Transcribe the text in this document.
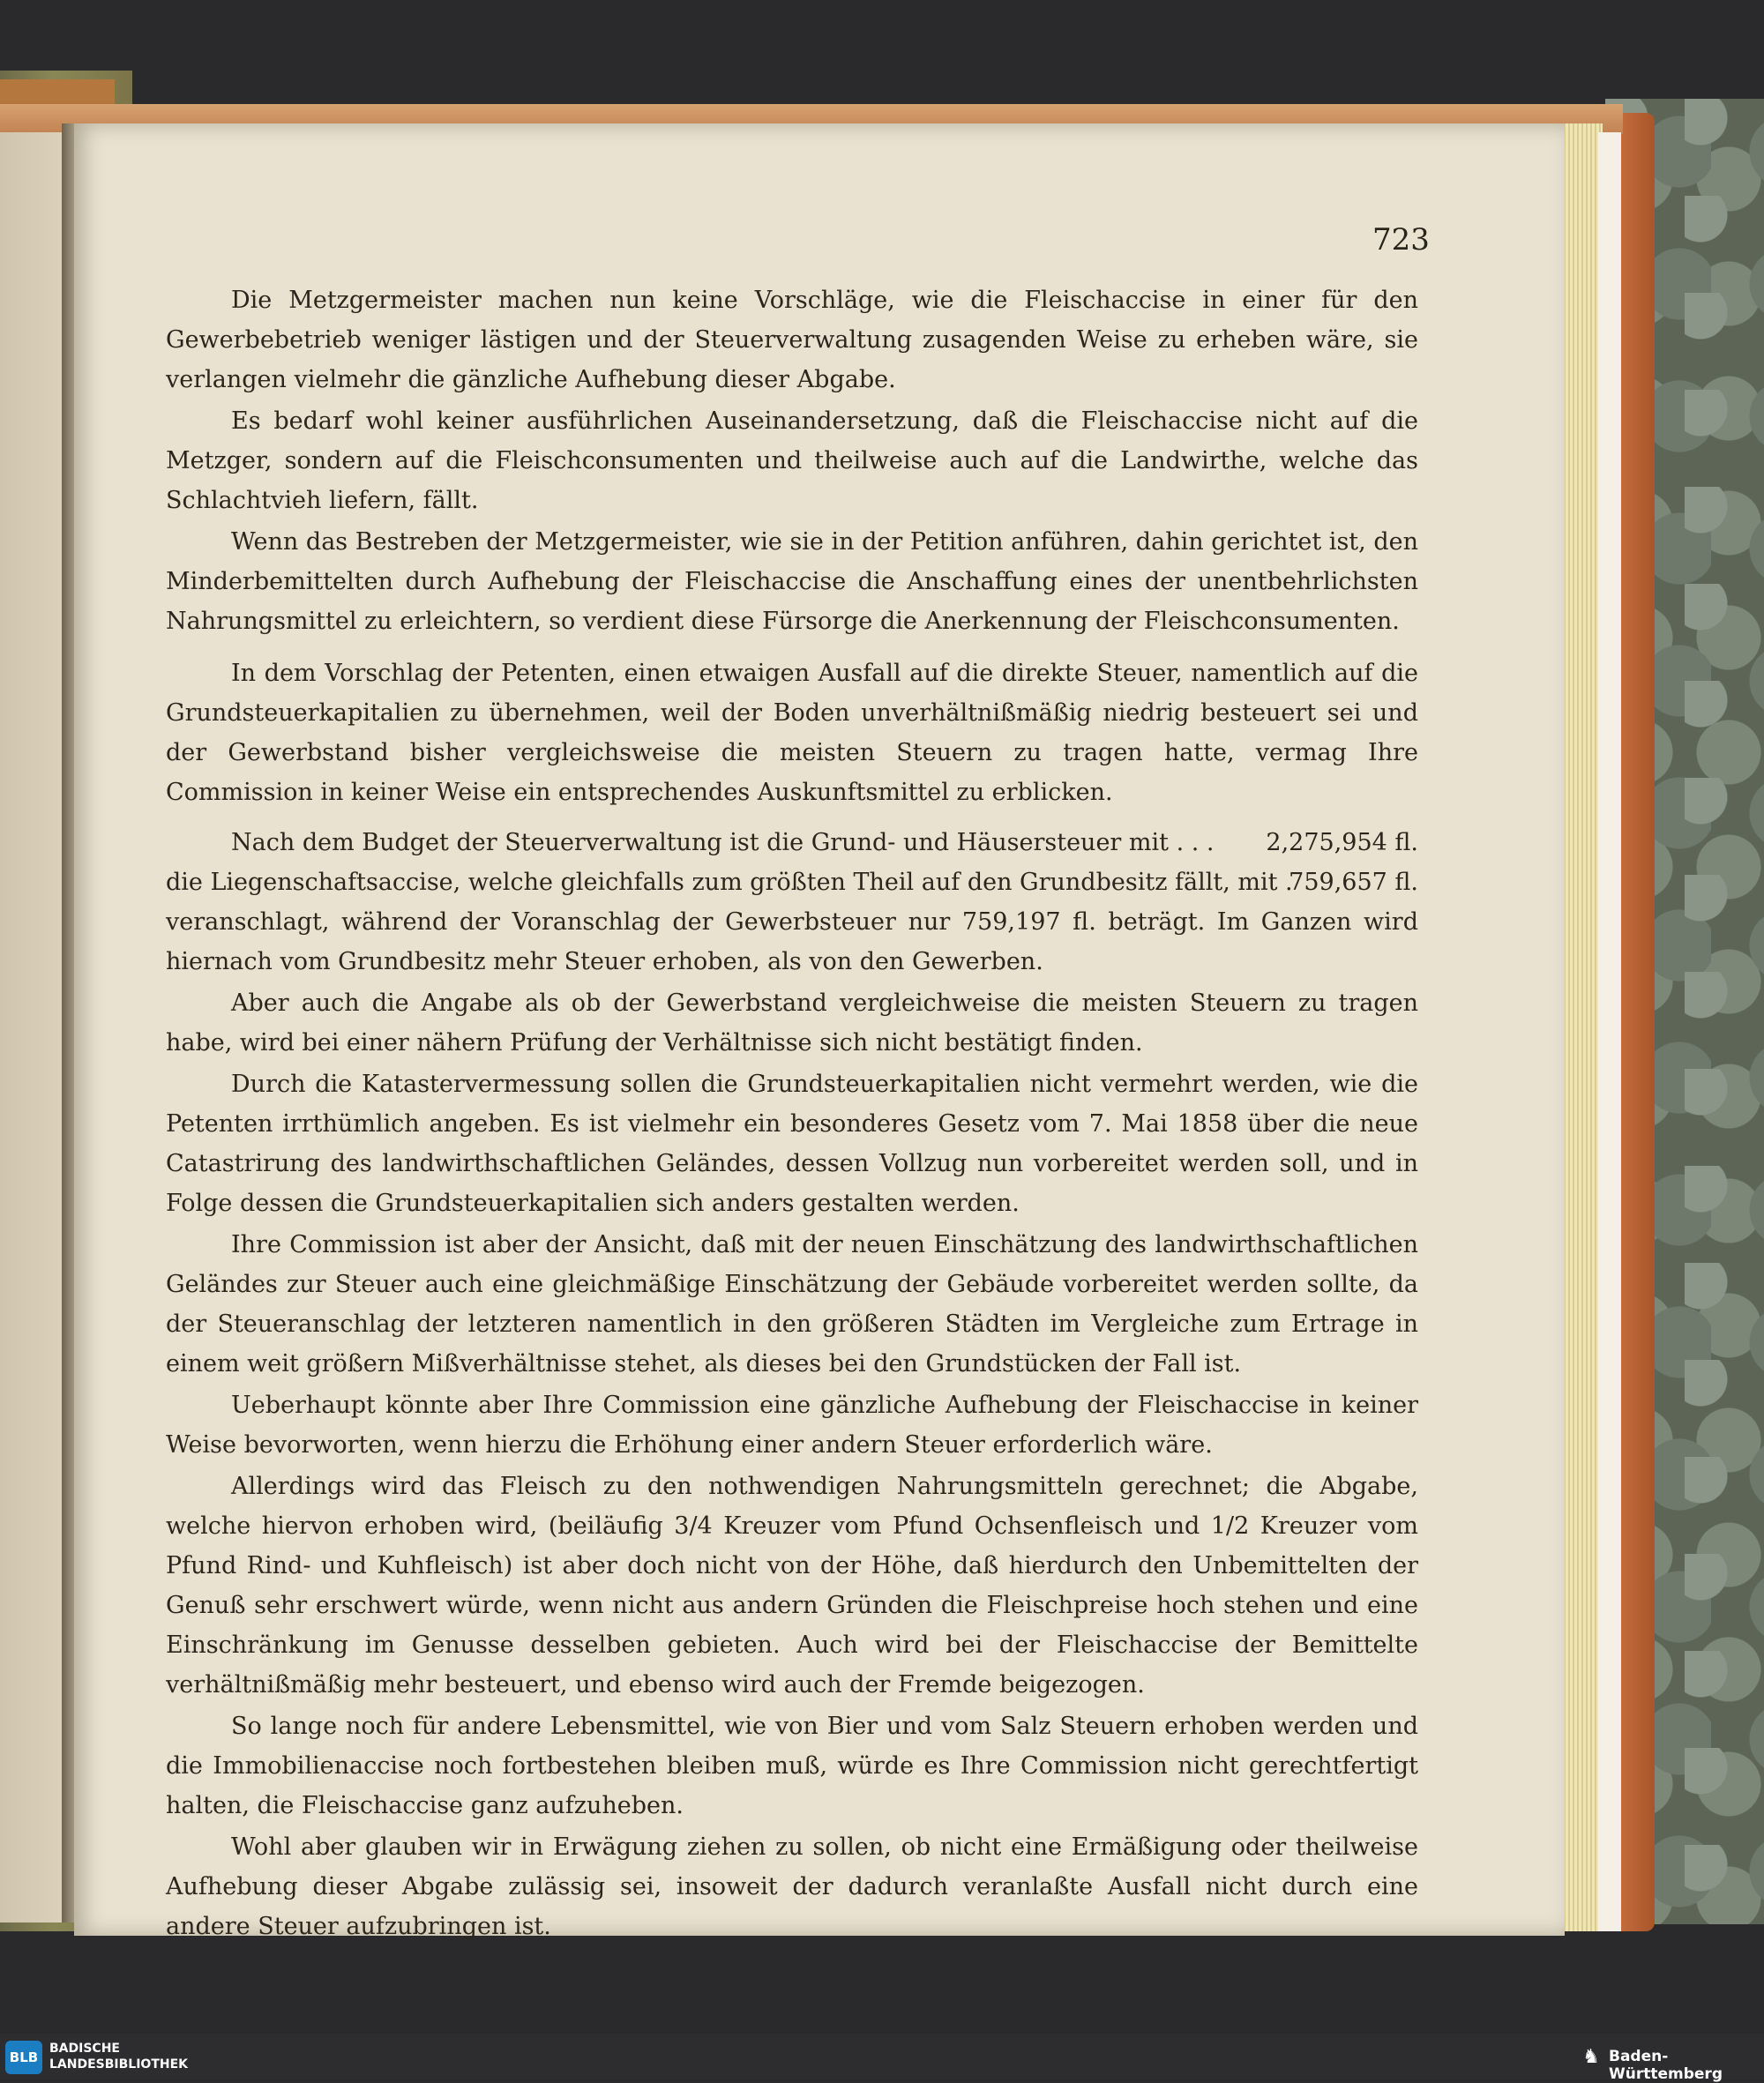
723

Die Metzgermeister machen nun keine Vorschläge, wie die Fleischaccise in einer für den Gewerbebetrieb weniger lästigen und der Steuerverwaltung zusagenden Weise zu erheben wäre, sie verlangen vielmehr die gänzliche Aufhebung dieser Abgabe.

Es bedarf wohl keiner ausführlichen Auseinandersetzung, daß die Fleischaccise nicht auf die Metzger, sondern auf die Fleischconsumenten und theilweise auch auf die Landwirthe, welche das Schlachtvieh liefern, fällt.

Wenn das Bestreben der Metzgermeister, wie sie in der Petition anführen, dahin gerichtet ist, den Minderbemittelten durch Aufhebung der Fleischaccise die Anschaffung eines der unentbehrlichsten Nahrungsmittel zu erleichtern, so verdient diese Fürsorge die Anerkennung der Fleischconsumenten.

In dem Vorschlag der Petenten, einen etwaigen Ausfall auf die direkte Steuer, namentlich auf die Grundsteuerkapitalien zu übernehmen, weil der Boden unverhältnißmäßig niedrig besteuert sei und der Gewerbstand bisher vergleichsweise die meisten Steuern zu tragen hatte, vermag Ihre Commission in keiner Weise ein entsprechendes Auskunftsmittel zu erblicken.

Nach dem Budget der Steuerverwaltung ist die Grund- und Häusersteuer mit . . . 2,275,954 fl.
die Liegenschaftsaccise, welche gleichfalls zum größten Theil auf den Grundbesitz fällt, mit .
759,657 fl.

veranschlagt, während der Voranschlag der Gewerbsteuer nur 759,197 fl. beträgt. Im Ganzen wird hiernach vom Grundbesitz mehr Steuer erhoben, als von den Gewerben.

Aber auch die Angabe als ob der Gewerbstand vergleichweise die meisten Steuern zu tragen habe, wird bei einer nähern Prüfung der Verhältnisse sich nicht bestätigt finden.

Durch die Katastervermessung sollen die Grundsteuerkapitalien nicht vermehrt werden, wie die Petenten irrthümlich angeben. Es ist vielmehr ein besonderes Gesetz vom 7. Mai 1858 über die neue Catastrirung des landwirthschaftlichen Geländes, dessen Vollzug nun vorbereitet werden soll, und in Folge dessen die Grundsteuerkapitalien sich anders gestalten werden.

Ihre Commission ist aber der Ansicht, daß mit der neuen Einschätzung des landwirthschaftlichen Geländes zur Steuer auch eine gleichmäßige Einschätzung der Gebäude vorbereitet werden sollte, da der Steueranschlag der letzteren namentlich in den größeren Städten im Vergleiche zum Ertrage in einem weit größern Mißverhältnisse stehet, als dieses bei den Grundstücken der Fall ist.

Ueberhaupt könnte aber Ihre Commission eine gänzliche Aufhebung der Fleischaccise in keiner Weise bevorworten, wenn hierzu die Erhöhung einer andern Steuer erforderlich wäre.

Allerdings wird das Fleisch zu den nothwendigen Nahrungsmitteln gerechnet; die Abgabe, welche hiervon erhoben wird, (beiläufig 3/4 Kreuzer vom Pfund Ochsenfleisch und 1/2 Kreuzer vom Pfund Rind- und Kuhfleisch) ist aber doch nicht von der Höhe, daß hierdurch den Unbemittelten der Genuß sehr erschwert würde, wenn nicht aus andern Gründen die Fleischpreise hoch stehen und eine Einschränkung im Genusse desselben gebieten. Auch wird bei der Fleischaccise der Bemittelte verhältnißmäßig mehr besteuert, und ebenso wird auch der Fremde beigezogen.

So lange noch für andere Lebensmittel, wie von Bier und vom Salz Steuern erhoben werden und die Immobilienaccise noch fortbestehen bleiben muß, würde es Ihre Commission nicht gerechtfertigt halten, die Fleischaccise ganz aufzuheben.

Wohl aber glauben wir in Erwägung ziehen zu sollen, ob nicht eine Ermäßigung oder theilweise Aufhebung dieser Abgabe zulässig sei, insoweit der dadurch veranlaßte Ausfall nicht durch eine andere Steuer aufzubringen ist.

BLB
BADISCHE
LANDESBIBLIOTHEK	♞ Baden-Württemberg
